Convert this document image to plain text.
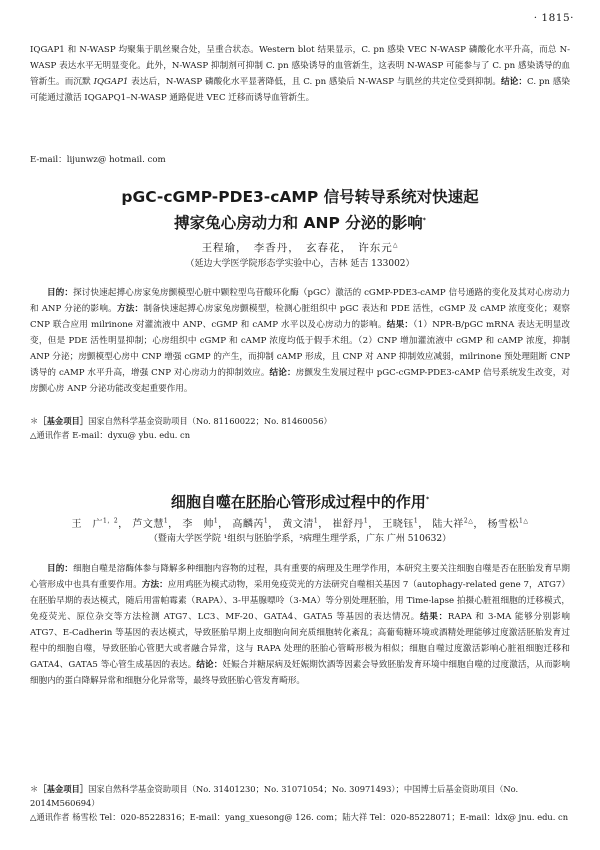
· 1815·

IQGAP1 和 N-WASP 均聚集于肌丝聚合处，呈重合状态。Western blot 结果显示，C. pn 感染 VEC N-WASP 磷酸化水平升高，而总 N-WASP 表达水平无明显变化。此外，N-WASP 抑制剂可抑制 C. pn 感染诱导的血管新生，这表明 N-WASP 可能参与了 C. pn 感染诱导的血管新生。而沉默 IQGAP1 表达后，N-WASP 磷酸化水平显著降低，且 C. pn 感染后 N-WASP 与肌丝的共定位受到抑制。结论：C. pn 感染可能通过激活 IQGAPQ1–N-WASP 通路促进 VEC 迁移而诱导血管新生。

E-mail：lijunwz@ hotmail. com

pGC-cGMP-PDE3-cAMP 信号转导系统对快速起
搏家兔心房动力和 ANP 分泌的影响*
王程瑜，　李香丹，　玄春花，　许东元△
（延边大学医学院形态学实验中心，吉林 延吉 133002）

目的：探讨快速起搏心房家兔房颤模型心脏中颗粒型鸟苷酸环化酶（pGC）激活的 cGMP-PDE3-cAMP 信号通路的变化及其对心房动力和 ANP 分泌的影响。方法：制备快速起搏心房家兔房颤模型，检测心脏组织中 pGC 表达和 PDE 活性，cGMP 及 cAMP 浓度变化；观察 CNP 联合应用 milrinone 对灌流液中 ANP、cGMP 和 cAMP 水平以及心房动力的影响。结果：（1）NPR-B/pGC mRNA 表达无明显改变，但是 PDE 活性明显抑制；心房组织中 cGMP 和 cAMP 浓度均低于假手术组。（2）CNP 增加灌流液中 cGMP 和 cAMP 浓度，抑制 ANP 分泌；房颤模型心房中 CNP 增强 cGMP 的产生，而抑制 cAMP 形成，且 CNP 对 ANP 抑制效应减弱，milrinone 预处理阻断 CNP 诱导的 cAMP 水平升高，增强 CNP 对心房动力的抑制效应。结论：房颤发生发展过程中 pGC-cGMP-PDE3-cAMP 信号系统发生改变，对房颤心房 ANP 分泌功能改变起重要作用。

＊［基金项目］国家自然科学基金资助项目（No. 81160022；No. 81460056）

△通讯作者 E-mail：dyxu@ ybu. edu. cn

细胞自噬在胚胎心管形成过程中的作用*
王　广$^{1,2}$， 芦文慧$^1$， 李　帅$^1$， 高麟芮$^1$， 黄文清$^1$， 崔舒丹$^1$， 王晓钰$^1$， 陆大祥$^{2\triangle}$， 杨雪松$^{1\triangle}$
（暨南大学医学院 ¹组织与胚胎学系，²病理生理学系，广东 广州 510632）

目的：细胞自噬是溶酶体参与降解多种细胞内容物的过程，具有重要的病理及生理学作用，本研究主要关注细胞自噬是否在胚胎发育早期心管形成中也具有重要作用。方法：应用鸡胚为模式动物，采用免疫荧光的方法研究自噬相关基因 7（autophagy-related gene 7，ATG7）在胚胎早期的表达模式，随后用雷帕霉素（RAPA）、3-甲基腺嘌呤（3-MA）等分别处理胚胎，用 Time-lapse 拍摄心脏祖细胞的迁移模式，免疫荧光、原位杂交等方法检测 ATG7、LC3、MF-20、GATA4、GATA5 等基因的表达情况。结果：RAPA 和 3-MA 能够分别影响 ATG7、E-Cadherin 等基因的表达模式，导致胚胎早期上皮细胞向间充质细胞转化紊乱；高葡萄糖环境或酒精处理能够过度激活胚胎发育过程中的细胞自噬，导致胚胎心管肥大或者融合异常，这与 RAPA 处理的胚胎心管畸形极为相似；细胞自噬过度激活影响心脏祖细胞迁移和 GATA4、GATA5 等心管生成基因的表达。结论：妊娠合并糖尿病及妊娠期饮酒等因素会导致胚胎发育环境中细胞自噬的过度激活，从而影响细胞内的蛋白降解异常和细胞分化异常等，最终导致胚胎心管发育畸形。

＊［基金项目］国家自然科学基金资助项目（No. 31401230；No. 31071054；No. 30971493）；中国博士后基金资助项目（No. 2014M560694）

△通讯作者 杨雪松 Tel：020-85228316；E-mail：yang_xuesong@ 126. com；陆大祥 Tel：020-85228071；E-mail：ldx@ jnu. edu. cn
